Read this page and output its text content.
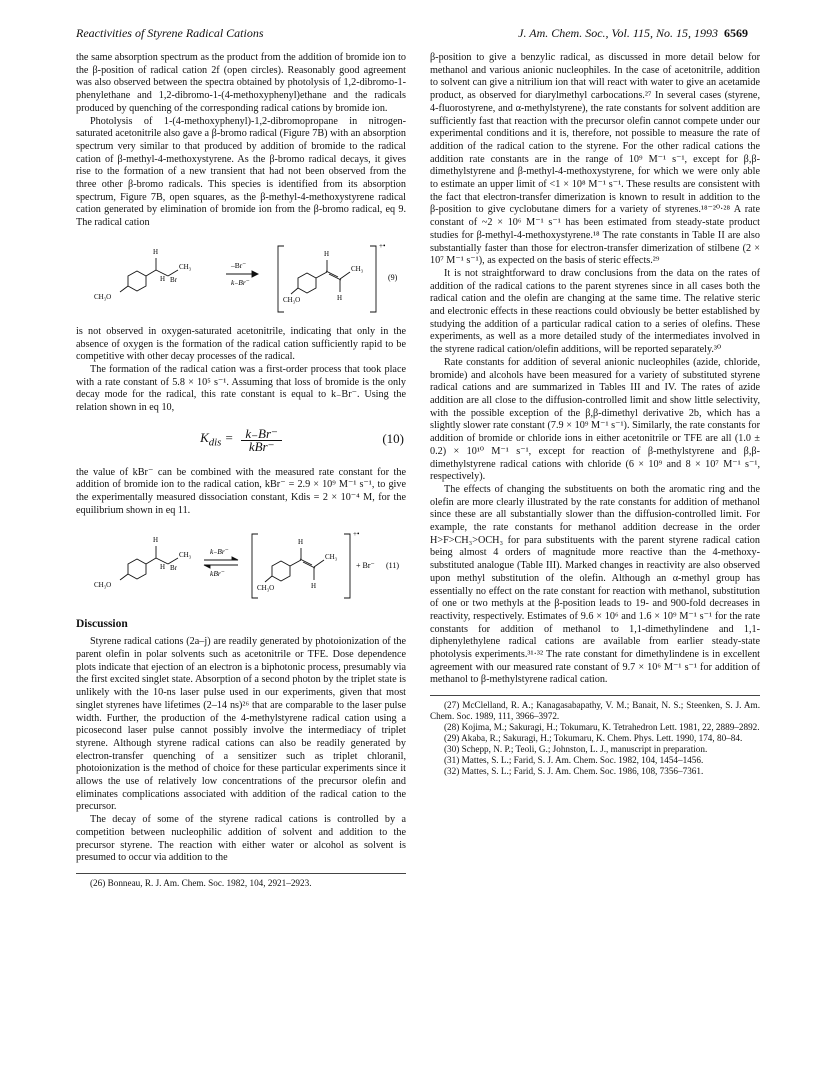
Reactivities of Styrene Radical Cations	J. Am. Chem. Soc., Vol. 115, No. 15, 1993 6569

the same absorption spectrum as the product from the addition of bromide ion to the β-position of radical cation 2f (open circles). Reasonably good agreement was also observed between the spectra obtained by photolysis of 1,2-dibromo-1-phenylethane and 1,2-dibromo-1-(4-methoxyphenyl)ethane and the radicals produced by quenching of the corresponding radical cations by bromide ion.

Photolysis of 1-(4-methoxyphenyl)-1,2-dibromopropane in nitrogen-saturated acetonitrile also gave a β-bromo radical (Figure 7B) with an absorption spectrum very similar to that produced by addition of bromide to the radical cation of β-methyl-4-methoxystyrene. As the β-bromo radical decays, it gives rise to the formation of a new transient that had not been observed from the three other β-bromo radicals. This species is identified from its absorption spectrum, Figure 7B, open squares, as the β-methyl-4-methoxystyrene radical cation generated by elimination of bromide ion from the β-bromo radical, eq 9. The radical cation

H
CH₃
H Br
CH₃O
–Br⁻
k₋Br⁻
H
CH₃
H
CH₃O
+•
(9)

is not observed in oxygen-saturated acetonitrile, indicating that only in the absence of oxygen is the formation of the radical cation sufficiently rapid to be competitive with other decay processes of the radical.

The formation of the radical cation was a first-order process that took place with a rate constant of 5.8 × 10⁵ s⁻¹. Assuming that loss of bromide is the only decay mode for the radical, this rate constant is equal to k₋Br⁻. Using the relation shown in eq 10,

$K_{dis} = \frac{k_-Br^-}{\text{kBr⁻}}$	(10)

the value of kBr⁻ can be combined with the measured rate constant for the addition of bromide ion to the radical cation, kBr⁻ = 2.9 × 10⁹ M⁻¹ s⁻¹, to give the experimentally measured dissociation constant, Kdis = 2 × 10⁻⁴ M, for the equilibrium shown in eq 11.

H
CH₃
H Br
CH₃O
k₋Br⁻
kBr⁻
H
CH₃
H
CH₃O
+•
+ Br⁻ (11)
Discussion

Styrene radical cations (2a–j) are readily generated by photoionization of the parent olefin in polar solvents such as acetonitrile or TFE. Dose dependence plots indicate that ejection of an electron is a biphotonic process, presumably via the first excited singlet state. Absorption of a second photon by the triplet state is unlikely with the 10-ns laser pulse used in our experiments, given that most singlet styrenes have lifetimes (2–14 ns)²⁶ that are comparable to the laser pulse width. Further, the production of the 4-methylstyrene radical cation using a picosecond laser pulse cannot possibly involve the intermediacy of triplet styrene. Although styrene radical cations can also be readily generated by electron-transfer quenching of a sensitizer such as triplet chloranil, photoionization is the method of choice for these particular experiments since it allows the use of relatively low concentrations of the precursor olefin and eliminates complications associated with addition of the radical cation to the precursor.

The decay of some of the styrene radical cations is controlled by a competition between nucleophilic addition of solvent and addition to the precursor styrene. The reaction with either water or alcohol as solvent is presumed to occur via addition to the

(26) Bonneau, R. J. Am. Chem. Soc. 1982, 104, 2921–2923.

β-position to give a benzylic radical, as discussed in more detail below for methanol and various anionic nucleophiles. In the case of acetonitrile, addition to solvent can give a nitrilium ion that will react with water to give an acetamide product, as observed for diarylmethyl carbocations.²⁷ In several cases (styrene, 4-fluorostyrene, and α-methylstyrene), the rate constants for solvent addition are sufficiently fast that reaction with the precursor olefin cannot compete under our experimental conditions and it is, therefore, not possible to measure the rate of addition of the radical cation to the styrene. For the other radical cations the addition rate constants are in the range of 10⁹ M⁻¹ s⁻¹, except for β,β-dimethylstyrene and β-methyl-4-methoxystyrene, for which we were only able to estimate an upper limit of <1 × 10⁸ M⁻¹ s⁻¹. These results are consistent with the fact that electron-transfer dimerization is known to result in addition to the β-position to give cyclobutane dimers for a variety of styrenes.¹⁸⁻²⁰·²⁸ A rate constant of ~2 × 10⁶ M⁻¹ s⁻¹ has been estimated from steady-state product studies for β-methyl-4-methoxystyrene.¹⁸ The rate constants in Table II are also substantially faster than those for electron-transfer dimerization of stilbene (2 × 10⁷ M⁻¹ s⁻¹), as expected on the basis of steric effects.²⁹

It is not straightforward to draw conclusions from the data on the rates of addition of the radical cations to the parent styrenes since in all cases both the radical cation and the olefin are changing at the same time. The relative steric and electronic effects in these reactions could obviously be better established by studying the addition of a particular radical cation to a series of olefins. These experiments, as well as a more detailed study of the intermediates involved in the styrene radical cation/olefin additions, will be reported separately.³⁰

Rate constants for addition of several anionic nucleophiles (azide, chloride, bromide) and alcohols have been measured for a variety of substituted styrene radical cations and are summarized in Tables III and IV. The rates of azide addition are all close to the diffusion-controlled limit and show little selectivity, with the possible exception of the β,β-dimethyl derivative 2b, which has a slightly slower rate constant (7.9 × 10⁹ M⁻¹ s⁻¹). Similarly, the rate constants for addition of bromide or chloride ions in either acetonitrile or TFE are all (1.0 ± 0.2) × 10¹⁰ M⁻¹ s⁻¹, except for reaction of β-methylstyrene and β,β-dimethylstyrene radical cations with chloride (6 × 10⁹ and 8 × 10⁷ M⁻¹ s⁻¹, respectively).

The effects of changing the substituents on both the aromatic ring and the olefin are more clearly illustrated by the rate constants for addition of methanol since these are all substantially slower than the diffusion-controlled limit. For example, the rate constants for methanol addition decrease in the order H>F>CH₃>OCH₃ for para substituents with the parent styrene radical cation being almost 4 orders of magnitude more reactive than the 4-methoxy-substituted analogue (Table III). Marked changes in reactivity are also observed upon methyl substitution of the olefin. Although an α-methyl group has essentially no effect on the rate constant for reaction with methanol, substitution of one or two methyls at the β-position leads to 19- and 900-fold decreases in reactivity, respectively. Estimates of 9.6 × 10⁶ and 1.6 × 10⁹ M⁻¹ s⁻¹ for the rate constants for addition of methanol to 1,1-dimethylindene and 1,1-diphenylethylene radical cations are available from earlier steady-state photolysis experiments.³¹·³² The rate constant for dimethylindene is in excellent agreement with our measured rate constant of 9.7 × 10⁶ M⁻¹ s⁻¹ for addition of methanol to β-methylstyrene radical cation.

(27) McClelland, R. A.; Kanagasabapathy, V. M.; Banait, N. S.; Steenken, S. J. Am. Chem. Soc. 1989, 111, 3966–3972.

(28) Kojima, M.; Sakuragi, H.; Tokumaru, K. Tetrahedron Lett. 1981, 22, 2889–2892.

(29) Akaba, R.; Sakuragi, H.; Tokumaru, K. Chem. Phys. Lett. 1990, 174, 80–84.

(30) Schepp, N. P.; Teoli, G.; Johnston, L. J., manuscript in preparation.

(31) Mattes, S. L.; Farid, S. J. Am. Chem. Soc. 1982, 104, 1454–1456.

(32) Mattes, S. L.; Farid, S. J. Am. Chem. Soc. 1986, 108, 7356–7361.
